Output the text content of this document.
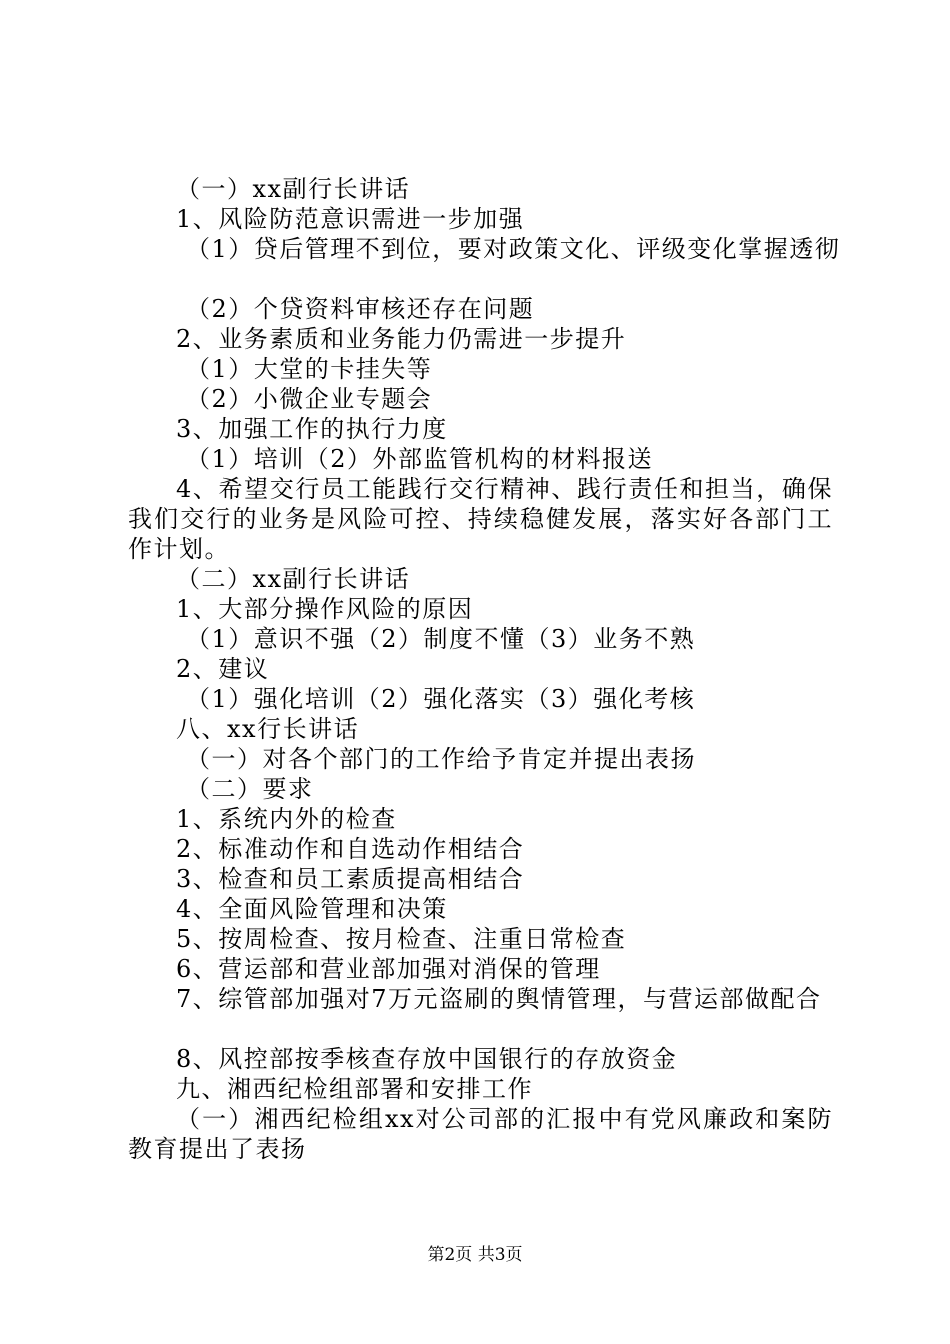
（一）xx副行长讲话
1、风险防范意识需进一步加强
（1）贷后管理不到位，要对政策文化、评级变化掌握透彻
（2）个贷资料审核还存在问题
2、业务素质和业务能力仍需进一步提升
（1）大堂的卡挂失等
（2）小微企业专题会
3、加强工作的执行力度
（1）培训（2）外部监管机构的材料报送
4、希望交行员工能践行交行精神、践行责任和担当，确保我们交行的业务是风险可控、持续稳健发展，落实好各部门工作计划。
（二）xx副行长讲话
1、大部分操作风险的原因
（1）意识不强（2）制度不懂（3）业务不熟
2、建议
（1）强化培训（2）强化落实（3）强化考核
八、xx行长讲话
（一）对各个部门的工作给予肯定并提出表扬
（二）要求
1、系统内外的检查
2、标准动作和自选动作相结合
3、检查和员工素质提高相结合
4、全面风险管理和决策
5、按周检查、按月检查、注重日常检查
6、营运部和营业部加强对消保的管理
7、综管部加强对7万元盗刷的舆情管理，与营运部做配合
8、风控部按季核查存放中国银行的存放资金
九、湘西纪检组部署和安排工作
（一）湘西纪检组xx对公司部的汇报中有党风廉政和案防教育提出了表扬
第2页 共3页
